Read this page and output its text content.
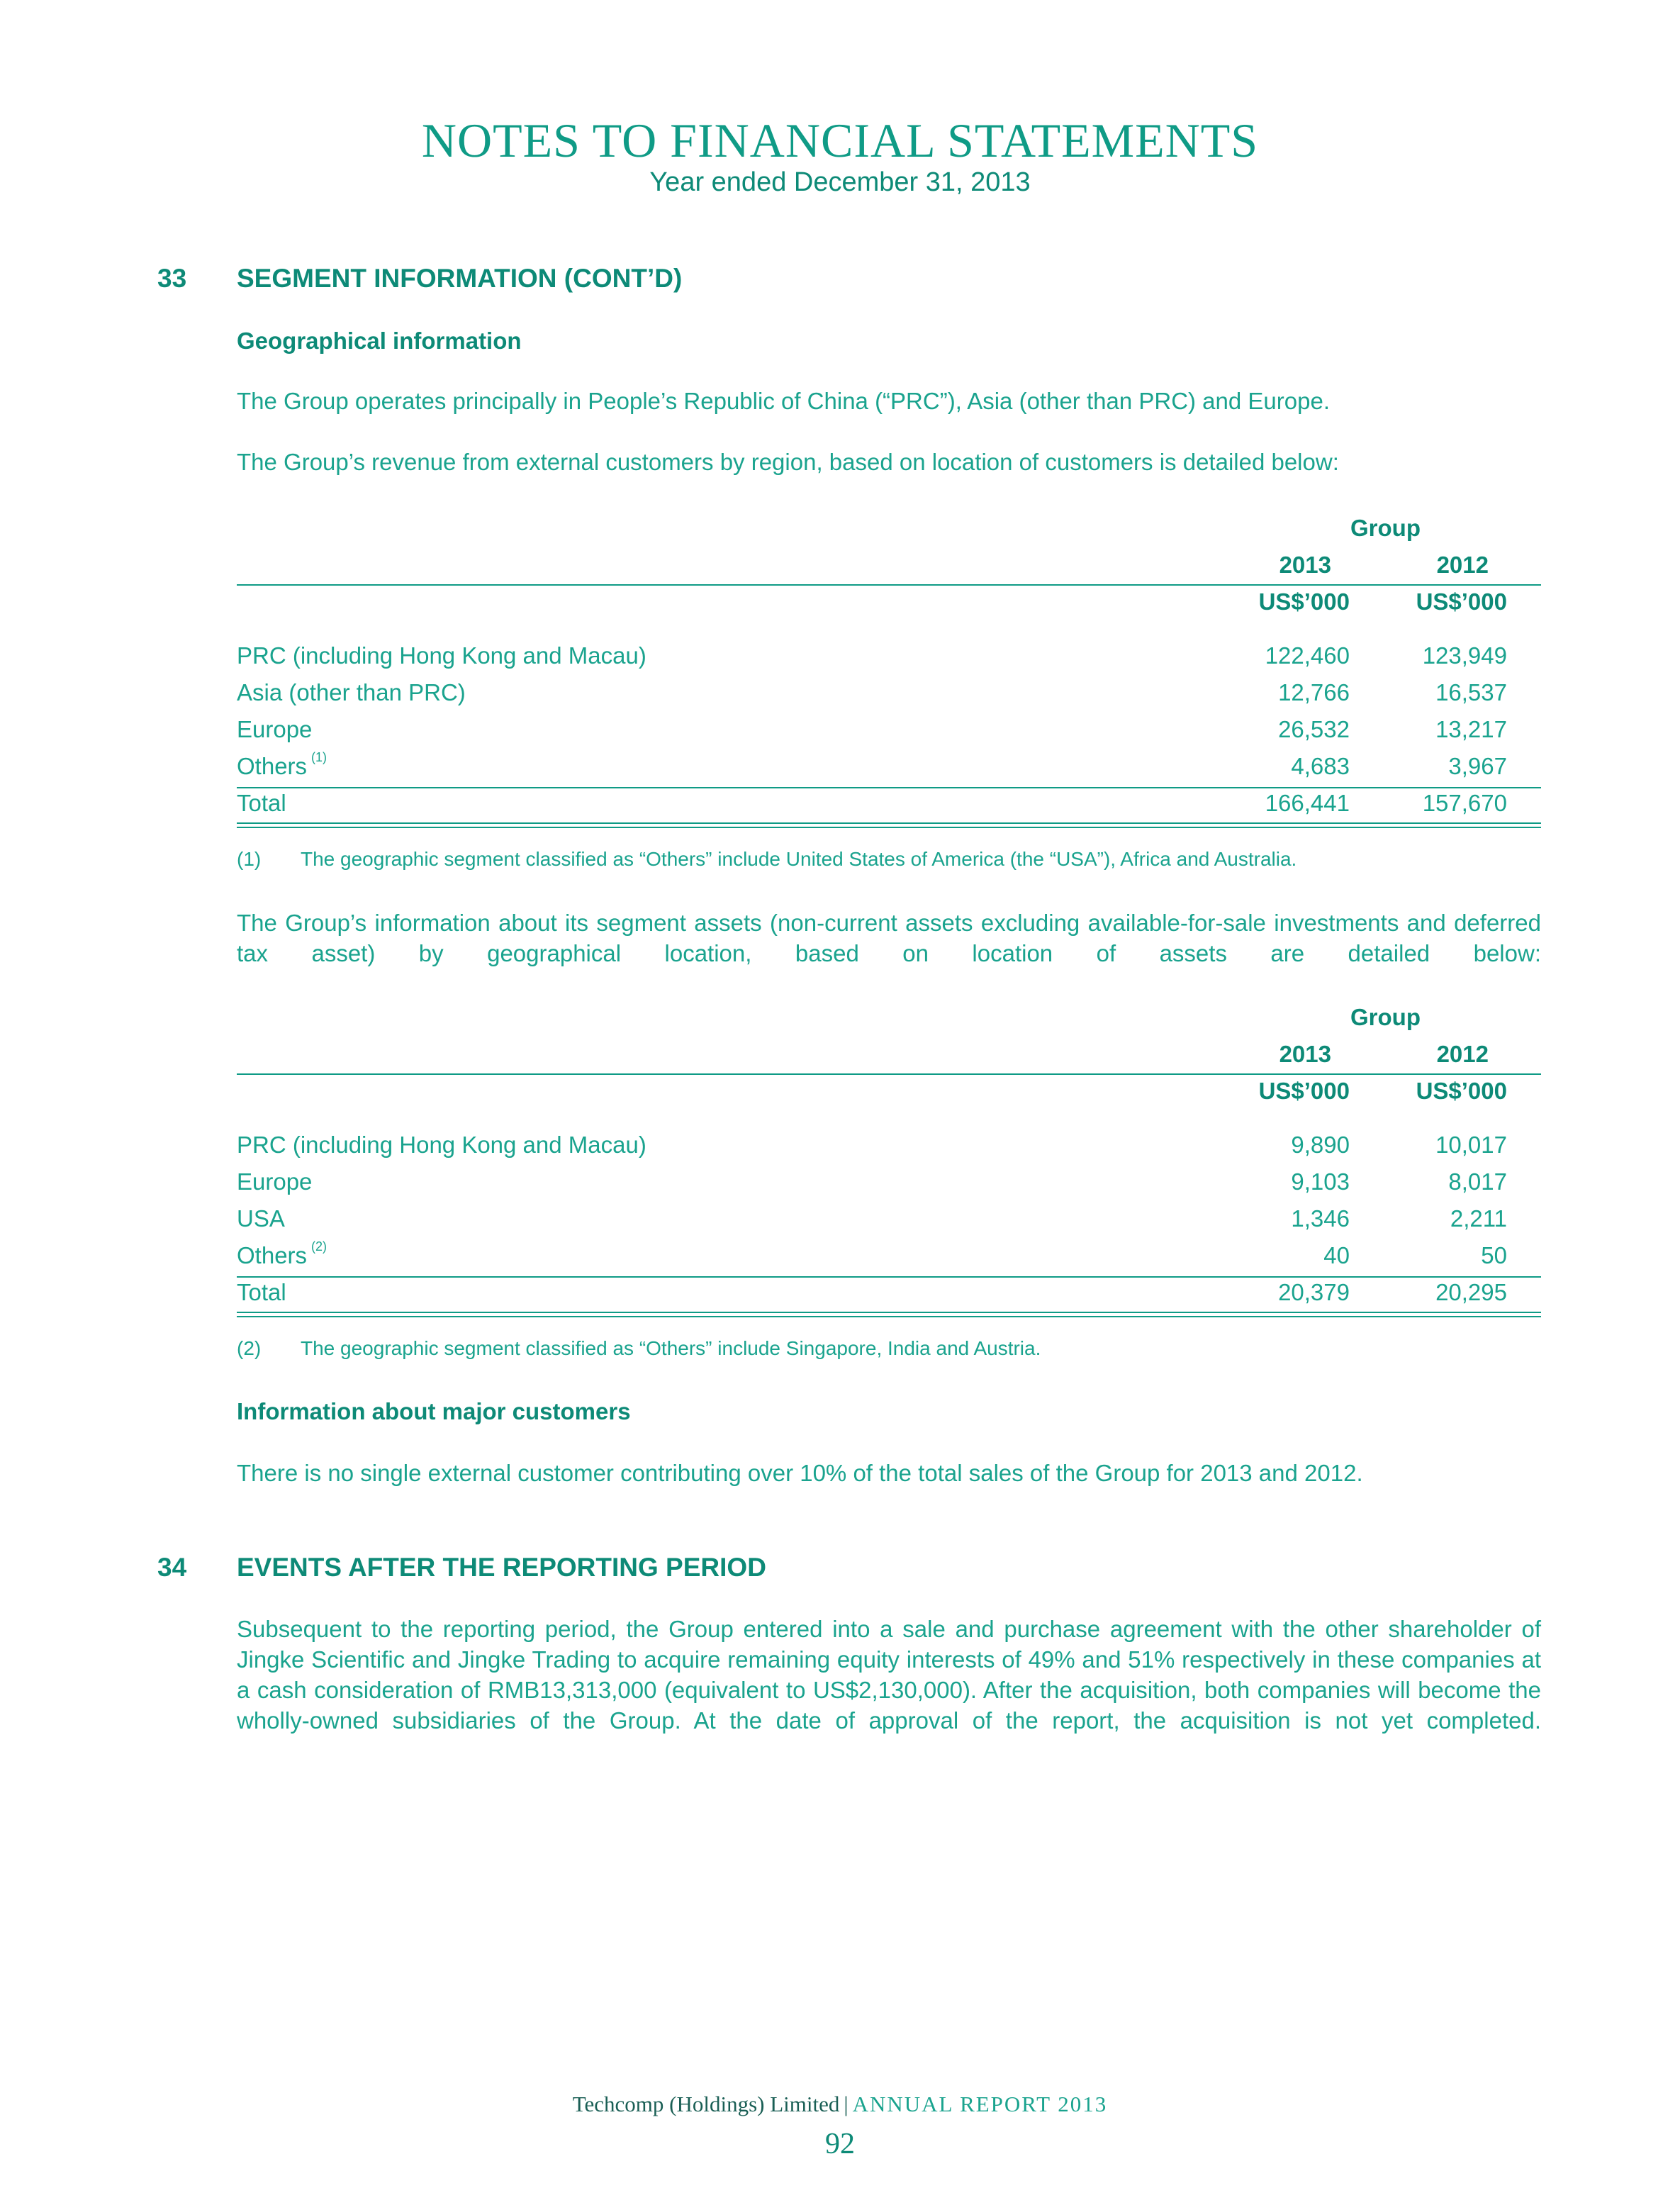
NOTES TO FINANCIAL STATEMENTS
Year ended December 31, 2013
33 SEGMENT INFORMATION (CONT’D)
Geographical information
The Group operates principally in People’s Republic of China (“PRC”), Asia (other than PRC) and Europe.
The Group’s revenue from external customers by region, based on location of customers is detailed below:
Group
2013	2012
US$’000	US$’000
PRC (including Hong Kong and Macau)	122,460	123,949
Asia (other than PRC)	12,766	16,537
Europe	26,532	13,217
Others $^{(1)}$	4,683	3,967
Total	166,441	157,670
(1) The geographic segment classified as “Others” include United States of America (the “USA”), Africa and Australia.
The Group’s information about its segment assets (non-current assets excluding available-for-sale investments and deferred tax asset) by geographical location, based on location of assets are detailed below:
Group
2013	2012
US$’000	US$’000
PRC (including Hong Kong and Macau)	9,890	10,017
Europe	9,103	8,017
USA	1,346	2,211
Others $^{(2)}$	40	50
Total	20,379	20,295
(2) The geographic segment classified as “Others” include Singapore, India and Austria.
Information about major customers
There is no single external customer contributing over 10% of the total sales of the Group for 2013 and 2012.
34 EVENTS AFTER THE REPORTING PERIOD
Subsequent to the reporting period, the Group entered into a sale and purchase agreement with the other shareholder of Jingke Scientific and Jingke Trading to acquire remaining equity interests of 49% and 51% respectively in these companies at a cash consideration of RMB13,313,000 (equivalent to US$2,130,000). After the acquisition, both companies will become the wholly-owned subsidiaries of the Group. At the date of approval of the report, the acquisition is not yet completed.
Techcomp (Holdings) Limited | ANNUAL REPORT 2013
92
